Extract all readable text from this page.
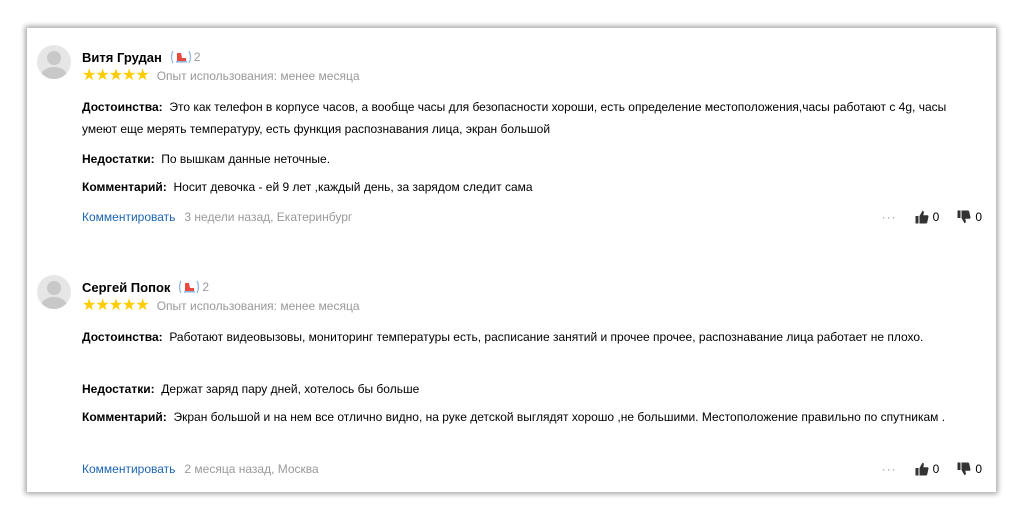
Витя Грудан	2
★ ★ ★ ★ ★ Опыт использования: менее месяца
Достоинства: Это как телефон в корпусе часов, а вообще часы для безопасности хороши, есть определение местоположения,часы работают с 4g, часы умеют еще мерять температуру, есть функция распознавания лица, экран большой
Недостатки: По вышкам данные неточные.
Комментарий: Носит девочка - ей 9 лет ,каждый день, за зарядом следит сама
Комментировать 3 недели назад, Екатеринбург	···	0	0
Сергей Попок	2
★ ★ ★ ★ ★ Опыт использования: менее месяца
Достоинства: Работают видеовызовы, мониторинг температуры есть, расписание занятий и прочее прочее, распознавание лица работает не плохо.
Недостатки: Держат заряд пару дней, хотелось бы больше
Комментарий: Экран большой и на нем все отлично видно, на руке детской выглядят хорошо ,не большими. Местоположение правильно по спутникам .
Комментировать 2 месяца назад, Москва	···	0	0
